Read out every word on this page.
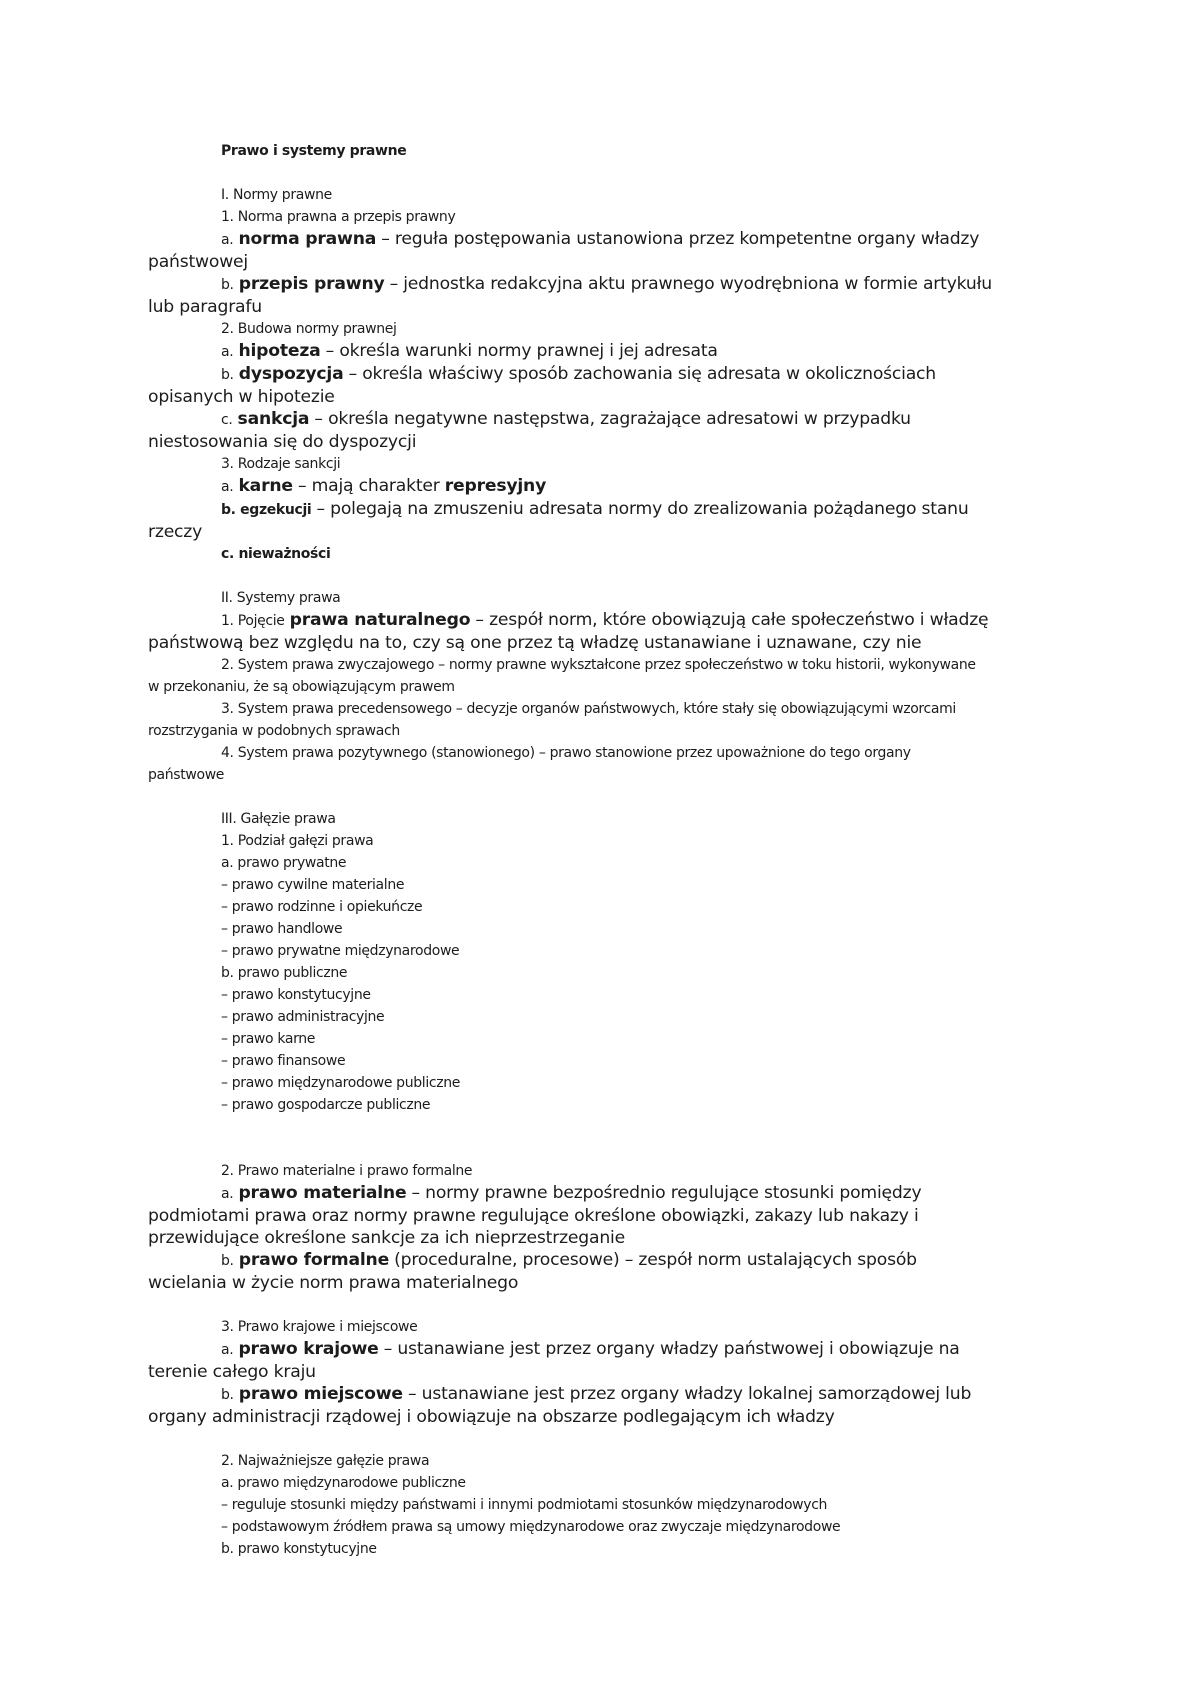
Prawo i systemy prawne
I. Normy prawne
1. Norma prawna a przepis prawny
a. norma prawna – reguła postępowania ustanowiona przez kompetentne organy władzy
państwowej
b. przepis prawny – jednostka redakcyjna aktu prawnego wyodrębniona w formie artykułu
lub paragrafu
2. Budowa normy prawnej
a. hipoteza – określa warunki normy prawnej i jej adresata
b. dyspozycja – określa właściwy sposób zachowania się adresata w okolicznościach
opisanych w hipotezie
c. sankcja – określa negatywne następstwa, zagrażające adresatowi w przypadku
niestosowania się do dyspozycji
3. Rodzaje sankcji
a. karne – mają charakter represyjny
b. egzekucji – polegają na zmuszeniu adresata normy do zrealizowania pożądanego stanu
rzeczy
c. nieważności
II. Systemy prawa
1. Pojęcie prawa naturalnego – zespół norm, które obowiązują całe społeczeństwo i władzę
państwową bez względu na to, czy są one przez tą władzę ustanawiane i uznawane, czy nie
2. System prawa zwyczajowego – normy prawne wykształcone przez społeczeństwo w toku historii, wykonywane
w przekonaniu, że są obowiązującym prawem
3. System prawa precedensowego – decyzje organów państwowych, które stały się obowiązującymi wzorcami
rozstrzygania w podobnych sprawach
4. System prawa pozytywnego (stanowionego) – prawo stanowione przez upoważnione do tego organy
państwowe
III. Gałęzie prawa
1. Podział gałęzi prawa
a. prawo prywatne
– prawo cywilne materialne
– prawo rodzinne i opiekuńcze
– prawo handlowe
– prawo prywatne międzynarodowe
b. prawo publiczne
– prawo konstytucyjne
– prawo administracyjne
– prawo karne
– prawo finansowe
– prawo międzynarodowe publiczne
– prawo gospodarcze publiczne
2. Prawo materialne i prawo formalne
a. prawo materialne – normy prawne bezpośrednio regulujące stosunki pomiędzy
podmiotami prawa oraz normy prawne regulujące określone obowiązki, zakazy lub nakazy i
przewidujące określone sankcje za ich nieprzestrzeganie
b. prawo formalne (proceduralne, procesowe) – zespół norm ustalających sposób
wcielania w życie norm prawa materialnego
3. Prawo krajowe i miejscowe
a. prawo krajowe – ustanawiane jest przez organy władzy państwowej i obowiązuje na
terenie całego kraju
b. prawo miejscowe – ustanawiane jest przez organy władzy lokalnej samorządowej lub
organy administracji rządowej i obowiązuje na obszarze podlegającym ich władzy
2. Najważniejsze gałęzie prawa
a. prawo międzynarodowe publiczne
– reguluje stosunki między państwami i innymi podmiotami stosunków międzynarodowych
– podstawowym źródłem prawa są umowy międzynarodowe oraz zwyczaje międzynarodowe
b. prawo konstytucyjne
